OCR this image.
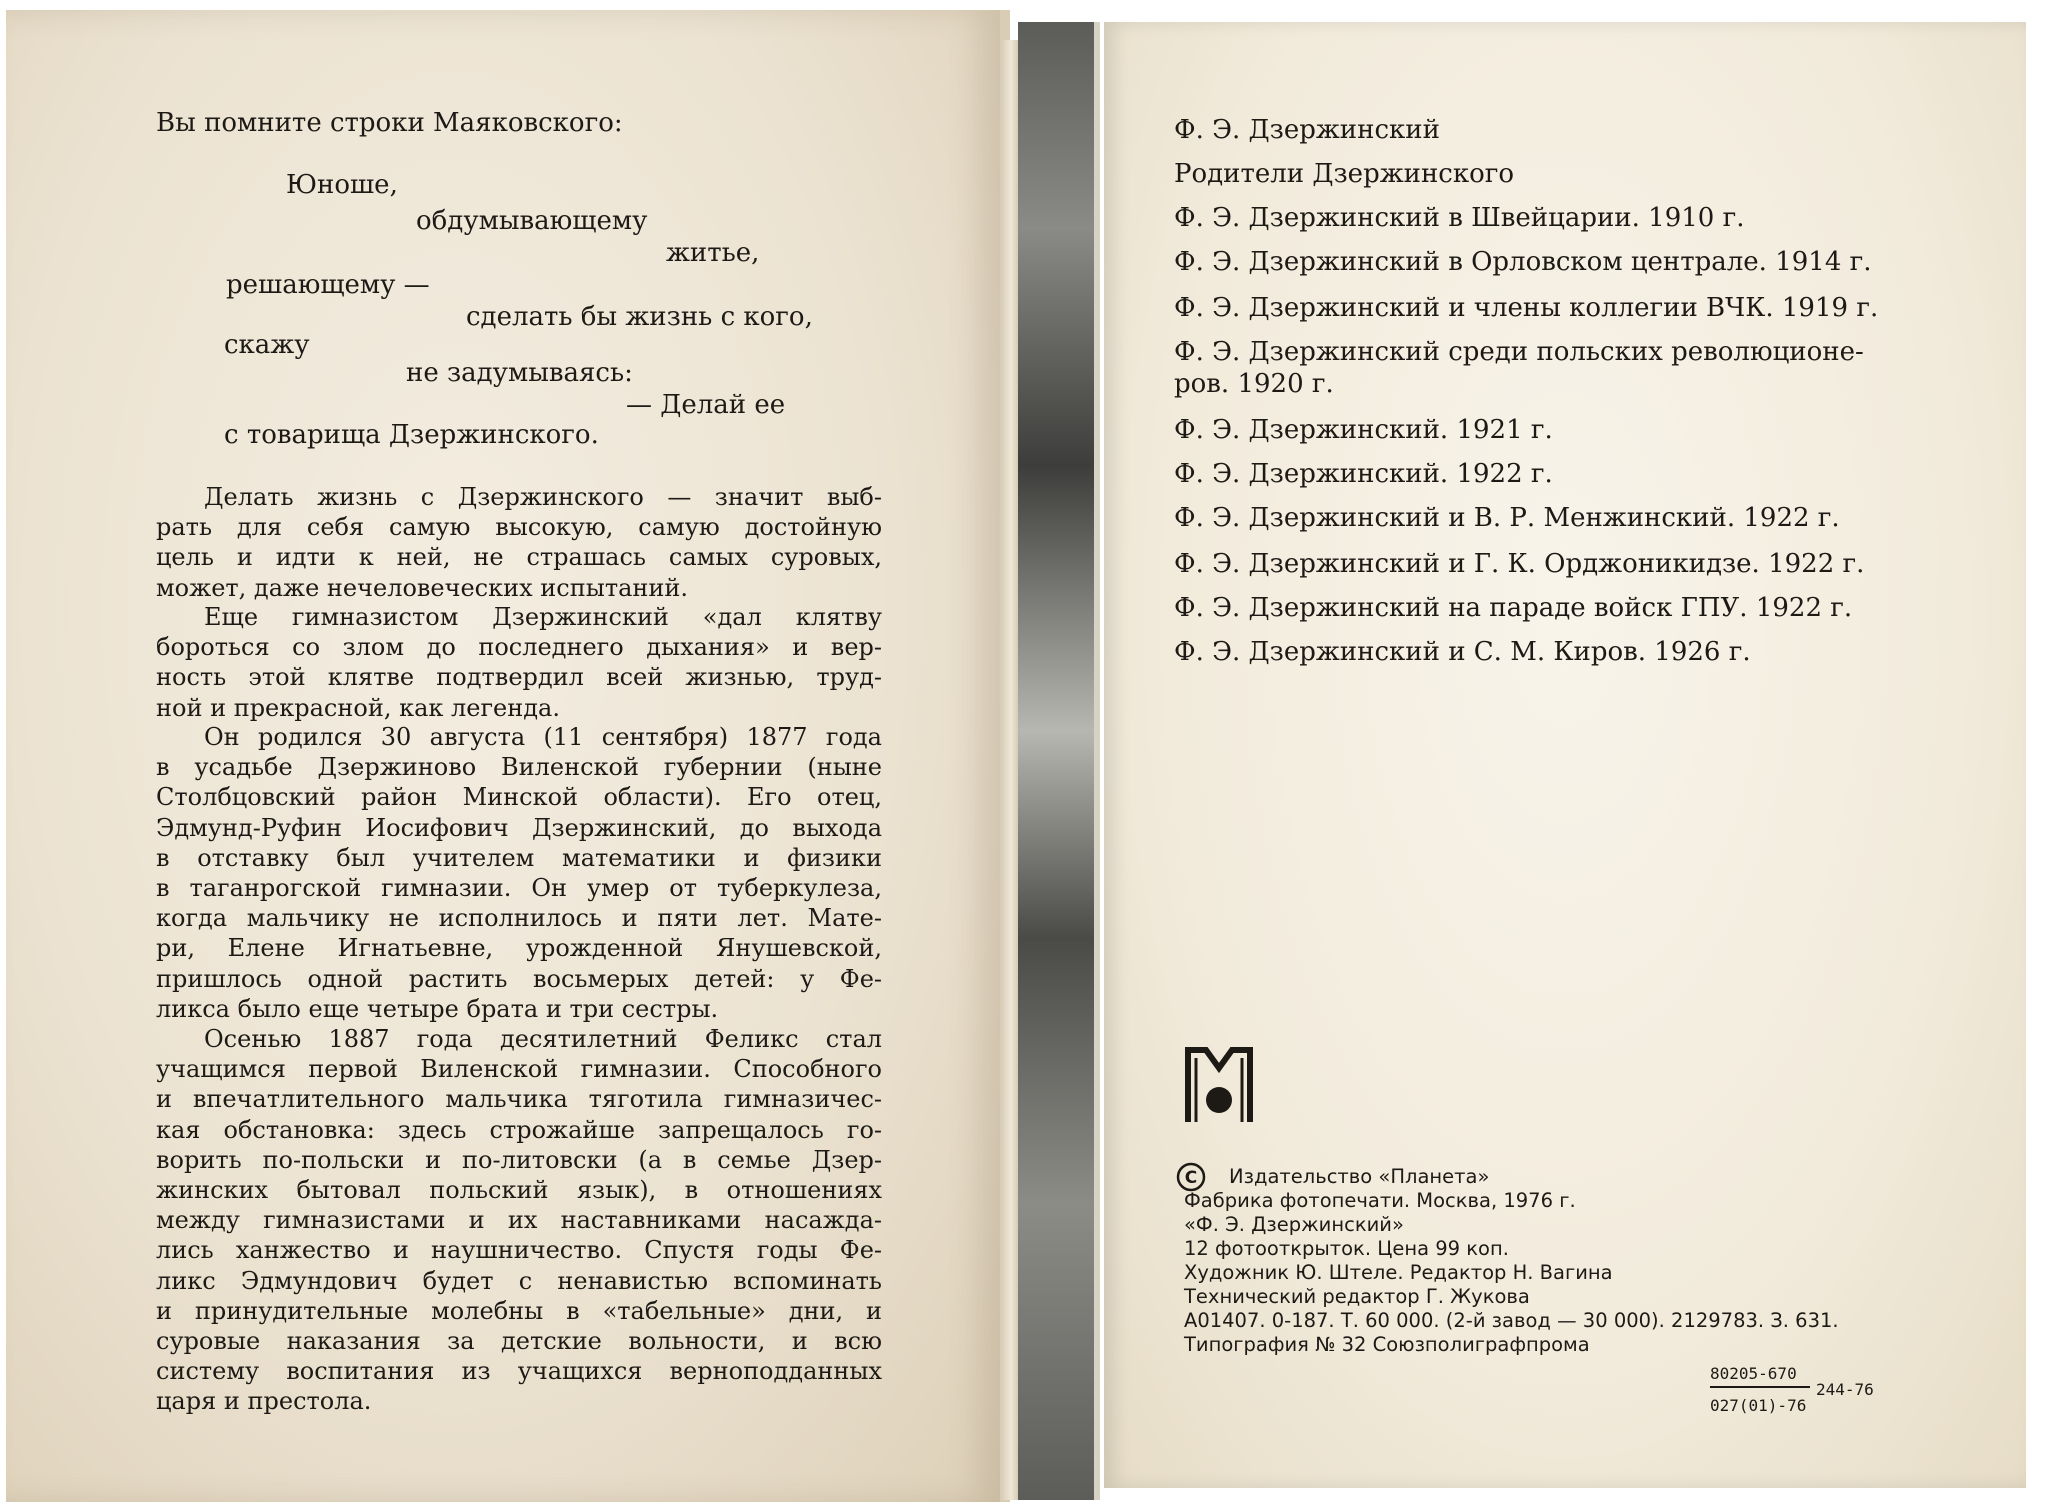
Вы помните строки Маяковского:
Юноше,
обдумывающему
житье,
решающему —
сделать бы жизнь с кого,
скажу
не задумываясь:
— Делай ее
с товарища Дзержинского.
Делать жизнь с Дзержинского — значит выб-
рать для себя самую высокую, самую достойную
цель и идти к ней, не страшась самых суровых,
может, даже нечеловеческих испытаний.
Еще гимназистом Дзержинский «дал клятву
бороться со злом до последнего дыхания» и вер-
ность этой клятве подтвердил всей жизнью, труд-
ной и прекрасной, как легенда.
Он родился 30 августа (11 сентября) 1877 года
в усадьбе Дзержиново Виленской губернии (ныне
Столбцовский район Минской области). Его отец,
Эдмунд-Руфин Иосифович Дзержинский, до выхода
в отставку был учителем математики и физики
в таганрогской гимназии. Он умер от туберкулеза,
когда мальчику не исполнилось и пяти лет. Мате-
ри, Елене Игнатьевне, урожденной Янушевской,
пришлось одной растить восьмерых детей: у Фе-
ликса было еще четыре брата и три сестры.
Осенью 1887 года десятилетний Феликс стал
учащимся первой Виленской гимназии. Способного
и впечатлительного мальчика тяготила гимназичес-
кая обстановка: здесь строжайше запрещалось го-
ворить по-польски и по-литовски (а в семье Дзер-
жинских бытовал польский язык), в отношениях
между гимназистами и их наставниками насажда-
лись ханжество и наушничество. Спустя годы Фе-
ликс Эдмундович будет с ненавистью вспоминать
и принудительные молебны в «табельные» дни, и
суровые наказания за детские вольности, и всю
систему воспитания из учащихся верноподданных
царя и престола.
Ф. Э. Дзержинский
Родители Дзержинского
Ф. Э. Дзержинский в Швейцарии. 1910 г.
Ф. Э. Дзержинский в Орловском централе. 1914 г.
Ф. Э. Дзержинский и члены коллегии ВЧК. 1919 г.
Ф. Э. Дзержинский среди польских революционе-
ров. 1920 г.
Ф. Э. Дзержинский. 1921 г.
Ф. Э. Дзержинский. 1922 г.
Ф. Э. Дзержинский и В. Р. Менжинский. 1922 г.
Ф. Э. Дзержинский и Г. К. Орджоникидзе. 1922 г.
Ф. Э. Дзержинский на параде войск ГПУ. 1922 г.
Ф. Э. Дзержинский и С. М. Киров. 1926 г.
C Издательство «Планета»
Фабрика фотопечати. Москва, 1976 г.
«Ф. Э. Дзержинский»
12 фотооткрыток. Цена 99 коп.
Художник Ю. Штеле. Редактор Н. Вагина
Технический редактор Г. Жукова
А01407. 0-187. Т. 60 000. (2-й завод — 30 000). 2129783. З. 631.
Типография № 32 Союзполиграфпрома
80205-670
027(01)-76
244-76
